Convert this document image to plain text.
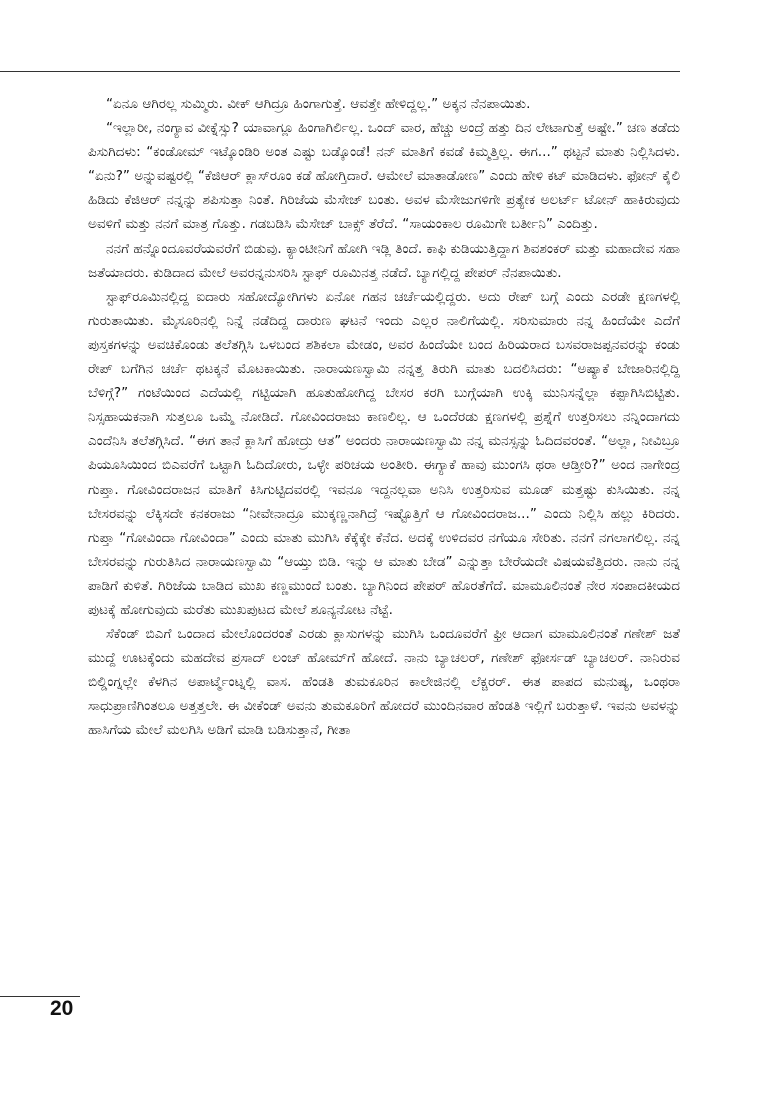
“ಏನೂ ಆಗಿರಲ್ಲ ಸುಮ್ಮಿರು. ವೀಕ್ ಆಗಿದ್ರೂ ಹಿಂಗಾಗುತ್ತೆ. ಆವತ್ತೇ ಹೇಳಿದ್ದಲ್ಲ.” ಅಕ್ಕನ ನೆನಪಾಯಿತು.

“ಇಲ್ಲಾರೀ, ನಂಗ್ಯಾವ ವೀಕ್ನೆಸ್ಸು? ಯಾವಾಗ್ಲೂ ಹಿಂಗಾಗಿರ್ಲಿಲ್ಲ. ಒಂದ್ ವಾರ, ಹೆಚ್ಚು ಅಂದ್ರೆ ಹತ್ತು ದಿನ ಲೇಟಾಗುತ್ತೆ ಅಷ್ಟೇ.” ಚಣ ತಡೆದು ಪಿಸುಗಿದಳು: “ಕಂಡೋಮ್ ಇಟ್ಕೊಂಡಿರಿ ಅಂತ ಎಷ್ಟು ಬಡ್ಕೊಂಡೆ! ನನ್ ಮಾತಿಗೆ ಕವಡೆ ಕಿಮ್ಮತ್ತಿಲ್ಲ. ಈಗ...” ಥಟ್ಟನೆ ಮಾತು ನಿಲ್ಲಿಸಿದಳು. “ಏನು?” ಅನ್ನುವಷ್ಟರಲ್ಲಿ “ಕೆಜಿಆರ್ ಕ್ಲಾಸ್‌ರೂಂ ಕಡೆ ಹೋಗ್ತಿದಾರೆ. ಆಮೇಲೆ ಮಾತಾಡೋಣ” ಎಂದು ಹೇಳಿ ಕಟ್ ಮಾಡಿದಳು. ಫೋನ್ ಕೈಲಿ ಹಿಡಿದು ಕೆಜಿಆರ್ ನನ್ನನ್ನು ಶಪಿಸುತ್ತಾ ನಿಂತೆ. ಗಿರಿಜೆಯ ಮೆಸೇಜ್ ಬಂತು. ಅವಳ ಮೆಸೇಜುಗಳಿಗೇ ಪ್ರತ್ಯೇಕ ಅಲರ್ಟ್ ಟೋನ್ ಹಾಕಿರುವುದು ಅವಳಿಗೆ ಮತ್ತು ನನಗೆ ಮಾತ್ರ ಗೊತ್ತು. ಗಡಬಡಿಸಿ ಮೆಸೇಜ್ ಬಾಕ್ಸ್ ತೆರೆದೆ. “ಸಾಯಂಕಾಲ ರೂಮಿಗೇ ಬರ್ತೀನಿ” ಎಂದಿತ್ತು.

ನನಗೆ ಹನ್ನೊಂದೂವರೆಯವರೆಗೆ ಬಿಡುವು. ಕ್ಯಾಂಟೀನಿಗೆ ಹೋಗಿ ಇಡ್ಲಿ ತಿಂದೆ. ಕಾಫಿ ಕುಡಿಯುತ್ತಿದ್ದಾಗ ಶಿವಶಂಕರ್ ಮತ್ತು ಮಹಾದೇವ ಸಹಾ ಜತೆಯಾದರು. ಕುಡಿದಾದ ಮೇಲೆ ಅವರನ್ನನುಸರಿಸಿ ಸ್ಟಾಫ್ ರೂಮಿನತ್ತ ನಡೆದೆ. ಬ್ಯಾಗಲ್ಲಿದ್ದ ಪೇಪರ್ ನೆನಪಾಯಿತು.

ಸ್ಟಾಫ್‌ರೂಮಿನಲ್ಲಿದ್ದ ಐದಾರು ಸಹೋದ್ಯೋಗಿಗಳು ಏನೋ ಗಹನ ಚರ್ಚೆಯಲ್ಲಿದ್ದರು. ಅದು ರೇಪ್ ಬಗ್ಗೆ ಎಂದು ಎರಡೇ ಕ್ಷಣಗಳಲ್ಲಿ ಗುರುತಾಯಿತು. ಮೈಸೂರಿನಲ್ಲಿ ನಿನ್ನೆ ನಡೆದಿದ್ದ ದಾರುಣ ಘಟನೆ ಇಂದು ಎಲ್ಲರ ನಾಲಿಗೆಯಲ್ಲಿ. ಸರಿಸುಮಾರು ನನ್ನ ಹಿಂದೆಯೇ ಎದೆಗೆ ಪುಸ್ತಕಗಳನ್ನು ಅವಚಿಕೊಂಡು ತಲೆತಗ್ಗಿಸಿ ಒಳಬಂದ ಶಶಿಕಲಾ ಮೇಡಂ, ಅವರ ಹಿಂದೆಯೇ ಬಂದ ಹಿರಿಯರಾದ ಬಸವರಾಜಪ್ಪನವರನ್ನು ಕಂಡು ರೇಪ್ ಬಗೆಗಿನ ಚರ್ಚೆ ಥಟಕ್ಕನೆ ಮೊಟಕಾಯಿತು. ನಾರಾಯಣಸ್ವಾಮಿ ನನ್ನತ್ತ ತಿರುಗಿ ಮಾತು ಬದಲಿಸಿದರು: “ಅಷ್ಯಾಕೆ ಬೇಜಾರಿನಲ್ಲಿದ್ದಿ ಬೆಳಿಗ್ಗೆ?” ಗಂಟೆಯಿಂದ ಎದೆಯಲ್ಲಿ ಗಟ್ಟಿಯಾಗಿ ಹೂತುಹೋಗಿದ್ದ ಬೇಸರ ಕರಗಿ ಬುಗ್ಗೆಯಾಗಿ ಉಕ್ಕಿ ಮುನಿಸನ್ನೆಲ್ಲಾ ಕಪ್ಪಾಗಿಸಿಬಿಟ್ಟಿತು. ನಿಸ್ಸಹಾಯಕನಾಗಿ ಸುತ್ತಲೂ ಒಮ್ಮೆ ನೋಡಿದೆ. ಗೋವಿಂದರಾಜು ಕಾಣಲಿಲ್ಲ. ಆ ಒಂದೆರಡು ಕ್ಷಣಗಳಲ್ಲಿ ಪ್ರಶ್ನೆಗೆ ಉತ್ತರಿಸಲು ನನ್ನಿಂದಾಗದು ಎಂದೆನಿಸಿ ತಲೆತಗ್ಗಿಸಿದೆ. “ಈಗ ತಾನೆ ಕ್ಲಾಸಿಗೆ ಹೋದ್ರು ಆತ” ಅಂದರು ನಾರಾಯಣಸ್ವಾಮಿ ನನ್ನ ಮನಸ್ಸನ್ನು ಓದಿದವರಂತೆ. “ಅಲ್ಲಾ, ನೀವಿಬ್ರೂ ಪಿಯೂಸಿಯಿಂದ ಬಿಎವರೆಗೆ ಒಟ್ಟಾಗಿ ಓದಿದೋರು, ಒಳ್ಳೇ ಪರಿಚಯ ಅಂತೀರಿ. ಈಗ್ಯಾಕೆ ಹಾವು ಮುಂಗಸಿ ಥರಾ ಆಡ್ತೀರಿ?” ಅಂದ ನಾಗೇಂದ್ರ ಗುಪ್ತಾ. ಗೋವಿಂದರಾಜನ ಮಾತಿಗೆ ಕಿಸಿಗುಟ್ಟಿದವರಲ್ಲಿ ಇವನೂ ಇದ್ದನಲ್ಲವಾ ಅನಿಸಿ ಉತ್ತರಿಸುವ ಮೂಡ್ ಮತ್ತಷ್ಟು ಕುಸಿಯಿತು. ನನ್ನ ಬೇಸರವನ್ನು ಲೆಕ್ಕಿಸದೇ ಕನಕರಾಜು “ನೀವೇನಾದ್ರೂ ಮುಕ್ಕಣ್ಣನಾಗಿದ್ರೆ ಇಷ್ಟೊತ್ತಿಗೆ ಆ ಗೋವಿಂದರಾಜ...” ಎಂದು ನಿಲ್ಲಿಸಿ ಹಲ್ಲು ಕಿರಿದರು. ಗುಪ್ತಾ “ಗೋವಿಂದಾ ಗೋವಿಂದಾ” ಎಂದು ಮಾತು ಮುಗಿಸಿ ಕೆಕ್ಕೆಕ್ಕೇ ಕೆನೆದ. ಅದಕ್ಕೆ ಉಳಿದವರ ನಗೆಯೂ ಸೇರಿತು. ನನಗೆ ನಗಲಾಗಲಿಲ್ಲ. ನನ್ನ ಬೇಸರವನ್ನು ಗುರುತಿಸಿದ ನಾರಾಯಣಸ್ವಾಮಿ “ಆಯ್ತು ಬಿಡಿ. ಇನ್ನು ಆ ಮಾತು ಬೇಡ” ಎನ್ನುತ್ತಾ ಬೇರೆಯದೇ ವಿಷಯವೆತ್ತಿದರು. ನಾನು ನನ್ನ ಪಾಡಿಗೆ ಕುಳಿತೆ. ಗಿರಿಜೆಯ ಬಾಡಿದ ಮುಖ ಕಣ್ಣಮುಂದೆ ಬಂತು. ಬ್ಯಾಗಿನಿಂದ ಪೇಪರ್ ಹೊರತೆಗೆದೆ. ಮಾಮೂಲಿನಂತೆ ನೇರ ಸಂಪಾದಕೀಯದ ಪುಟಕ್ಕೆ ಹೋಗುವುದು ಮರೆತು ಮುಖಪುಟದ ಮೇಲೆ ಶೂನ್ಯನೋಟ ನೆಟ್ಟೆ.

ಸೆಕೆಂಡ್ ಬಿಎಗೆ ಒಂದಾದ ಮೇಲೊಂದರಂತೆ ಎರಡು ಕ್ಲಾಸುಗಳನ್ನು ಮುಗಿಸಿ ಒಂದೂವರೆಗೆ ಫ್ರೀ ಆದಾಗ ಮಾಮೂಲಿನಂತೆ ಗಣೇಶ್ ಜತೆ ಮುದ್ದೆ ಊಟಕ್ಕೆಂದು ಮಹದೇವ ಪ್ರಸಾದ್ ಲಂಚ್ ಹೋಮ್‌ಗೆ ಹೋದೆ. ನಾನು ಬ್ಯಾಚಲರ್, ಗಣೇಶ್ ಫೋರ್ಸಡ್ ಬ್ಯಾಚಲರ್. ನಾನಿರುವ ಬಿಲ್ಡಿಂಗ್ನಲ್ಲೇ ಕೆಳಗಿನ ಅಪಾರ್ಟ್ಮೆಂಟ್ನಲ್ಲಿ ವಾಸ. ಹೆಂಡತಿ ತುಮಕೂರಿನ ಕಾಲೇಜಿನಲ್ಲಿ ಲೆಕ್ಚರರ್. ಈತ ಪಾಪದ ಮನುಷ್ಯ, ಒಂಥರಾ ಸಾಧುಪ್ರಾಣಿಗಿಂತಲೂ ಅತ್ತತ್ತಲೇ. ಈ ವೀಕೆಂಡ್ ಅವನು ತುಮಕೂರಿಗೆ ಹೋದರೆ ಮುಂದಿನವಾರ ಹೆಂಡತಿ ಇಲ್ಲಿಗೆ ಬರುತ್ತಾಳೆ. ಇವನು ಅವಳನ್ನು ಹಾಸಿಗೆಯ ಮೇಲೆ ಮಲಗಿಸಿ ಅಡಿಗೆ ಮಾಡಿ ಬಡಿಸುತ್ತಾನೆ, ಗೀತಾ

20
